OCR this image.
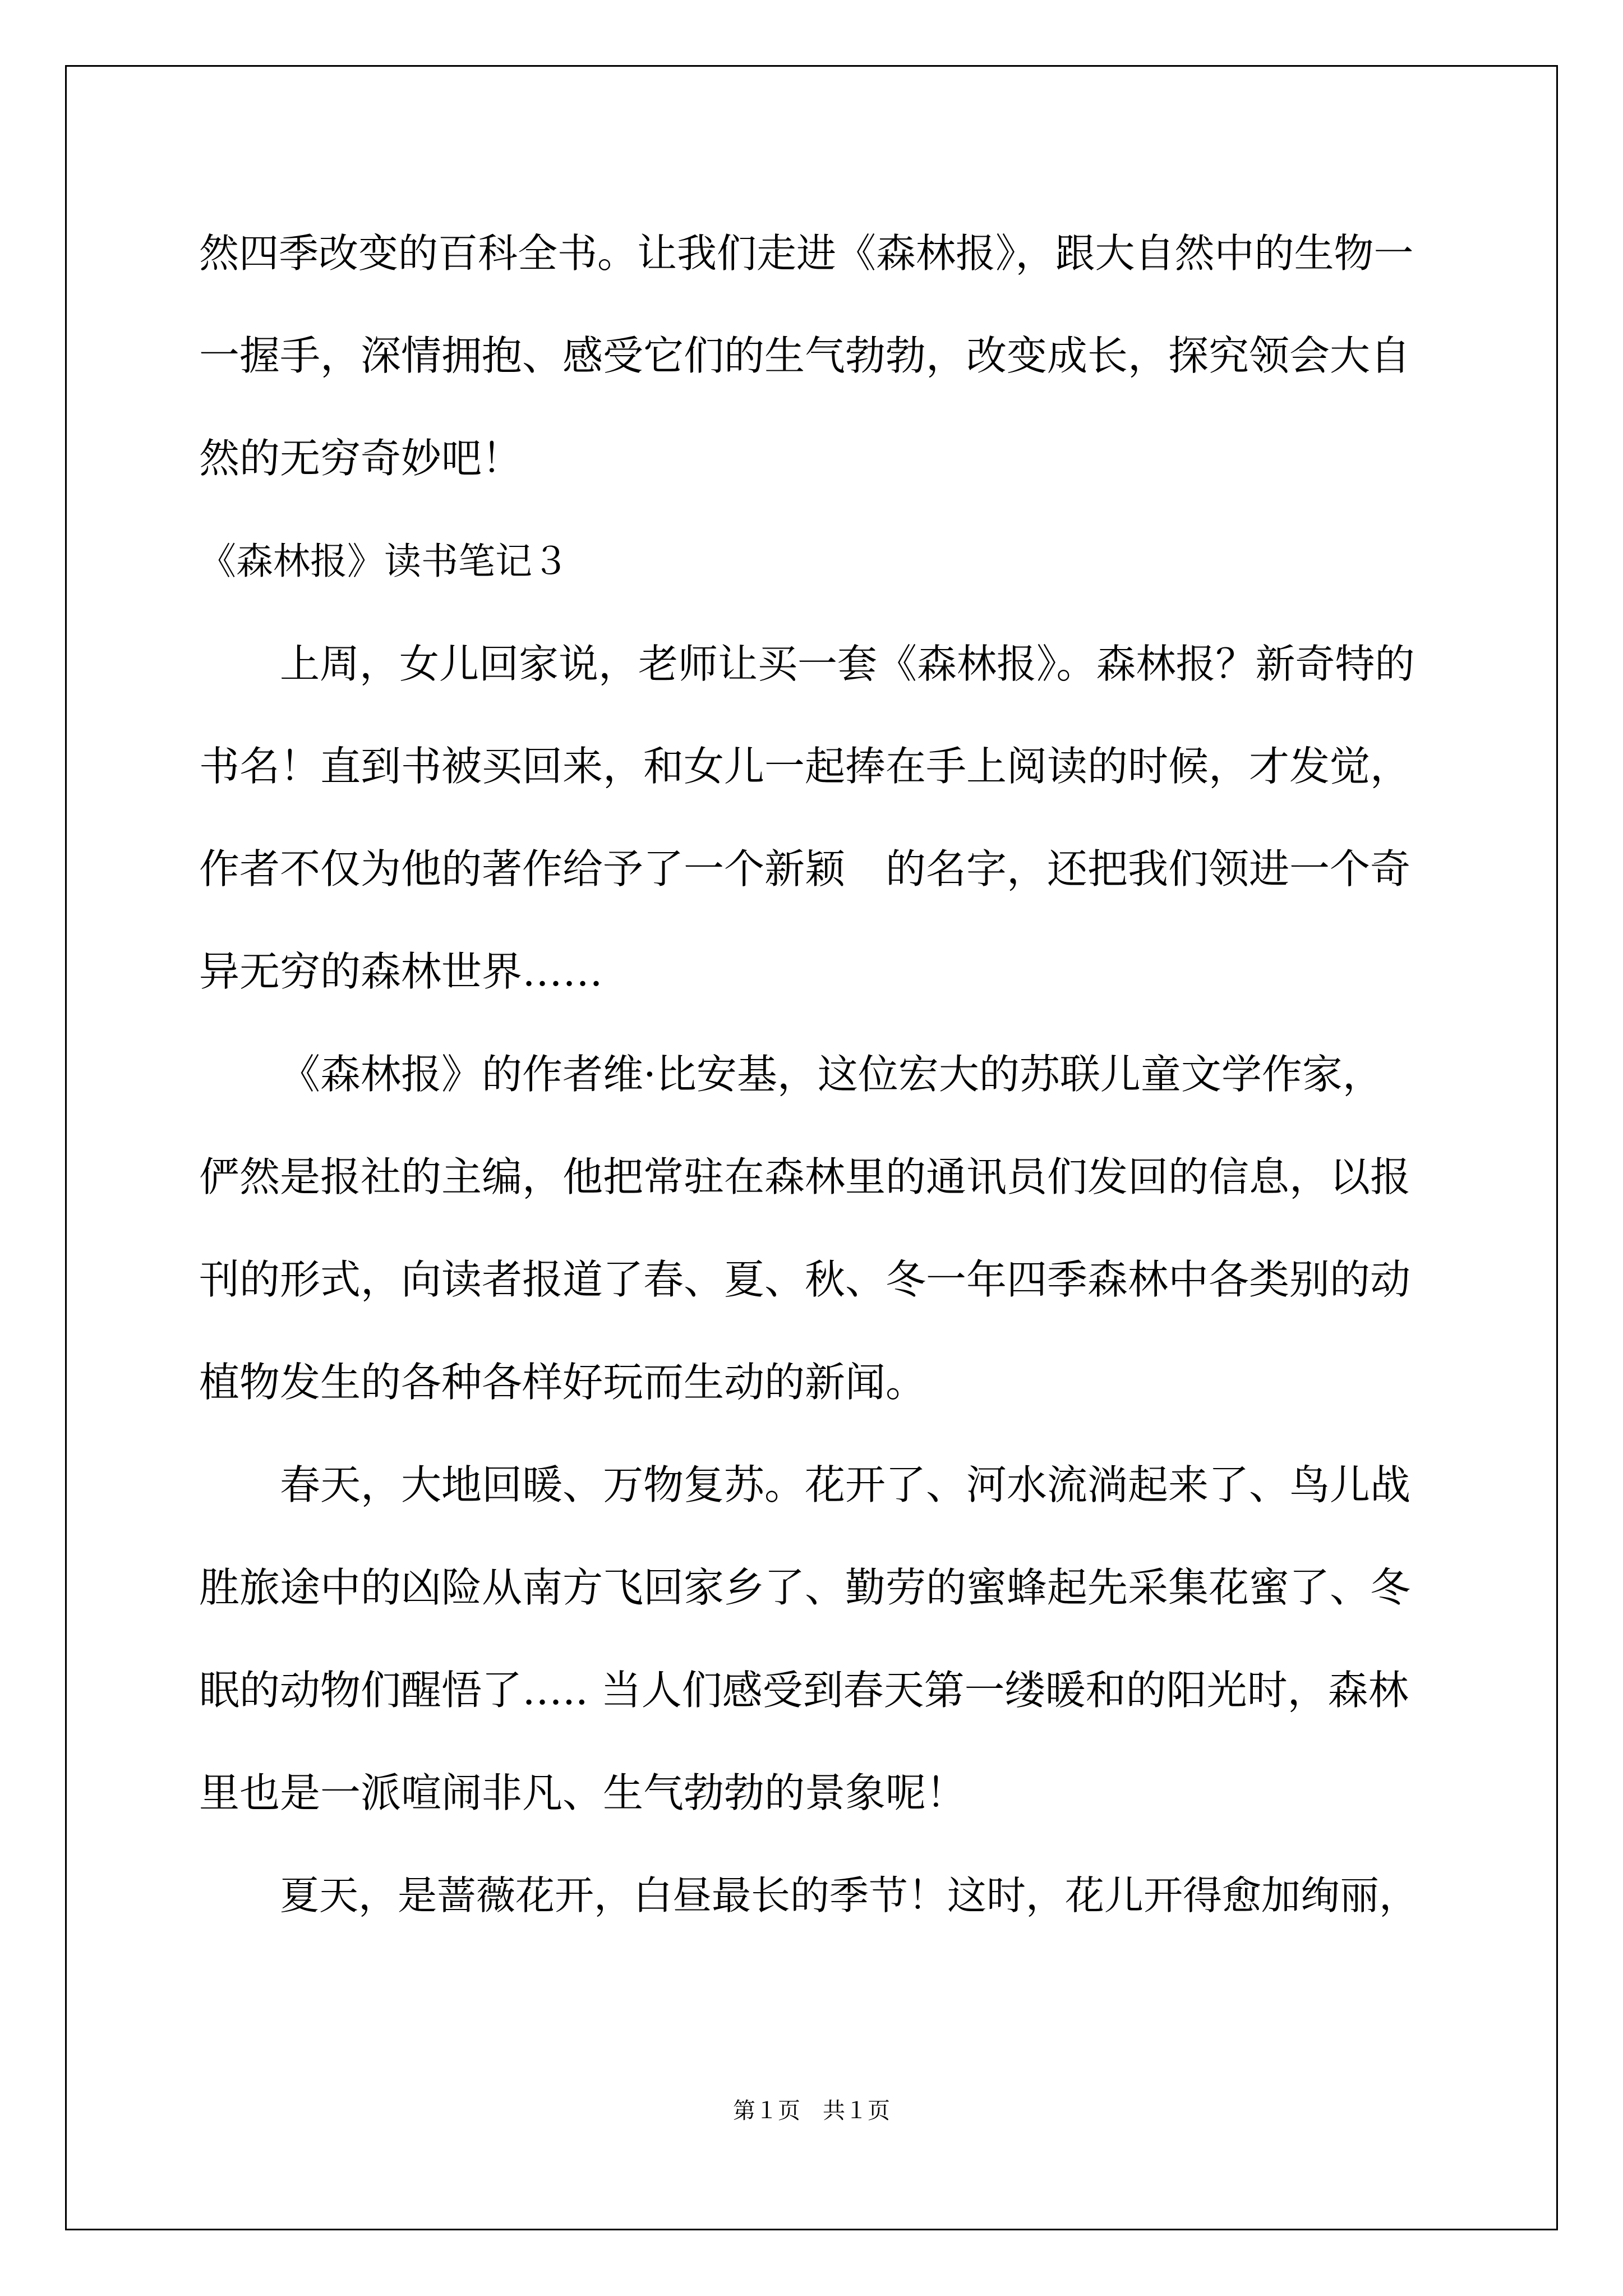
然四季改变的百科全书。让我们走进《森林报》，跟大自然中的生物一
一握手，深情拥抱、感受它们的生气勃勃，改变成长，探究领会大自
然的无穷奇妙吧！
《森林报》读书笔记３
上周，女儿回家说，老师让买一套《森林报》。森林报？新奇特的
书名！直到书被买回来，和女儿一起捧在手上阅读的时候，才发觉，
作者不仅为他的著作给予了一个新颖　的名字，还把我们领进一个奇
异无穷的森林世界……
《森林报》的作者维·比安基，这位宏大的苏联儿童文学作家，
俨然是报社的主编，他把常驻在森林里的通讯员们发回的信息，以报
刊的形式，向读者报道了春、夏、秋、冬一年四季森林中各类别的动
植物发生的各种各样好玩而生动的新闻。
春天，大地回暖、万物复苏。花开了、河水流淌起来了、鸟儿战
胜旅途中的凶险从南方飞回家乡了、勤劳的蜜蜂起先采集花蜜了、冬
眠的动物们醒悟了….. 当人们感受到春天第一缕暖和的阳光时，森林
里也是一派喧闹非凡、生气勃勃的景象呢！
夏天，是蔷薇花开，白昼最长的季节！这时，花儿开得愈加绚丽，
第１页　共１页
